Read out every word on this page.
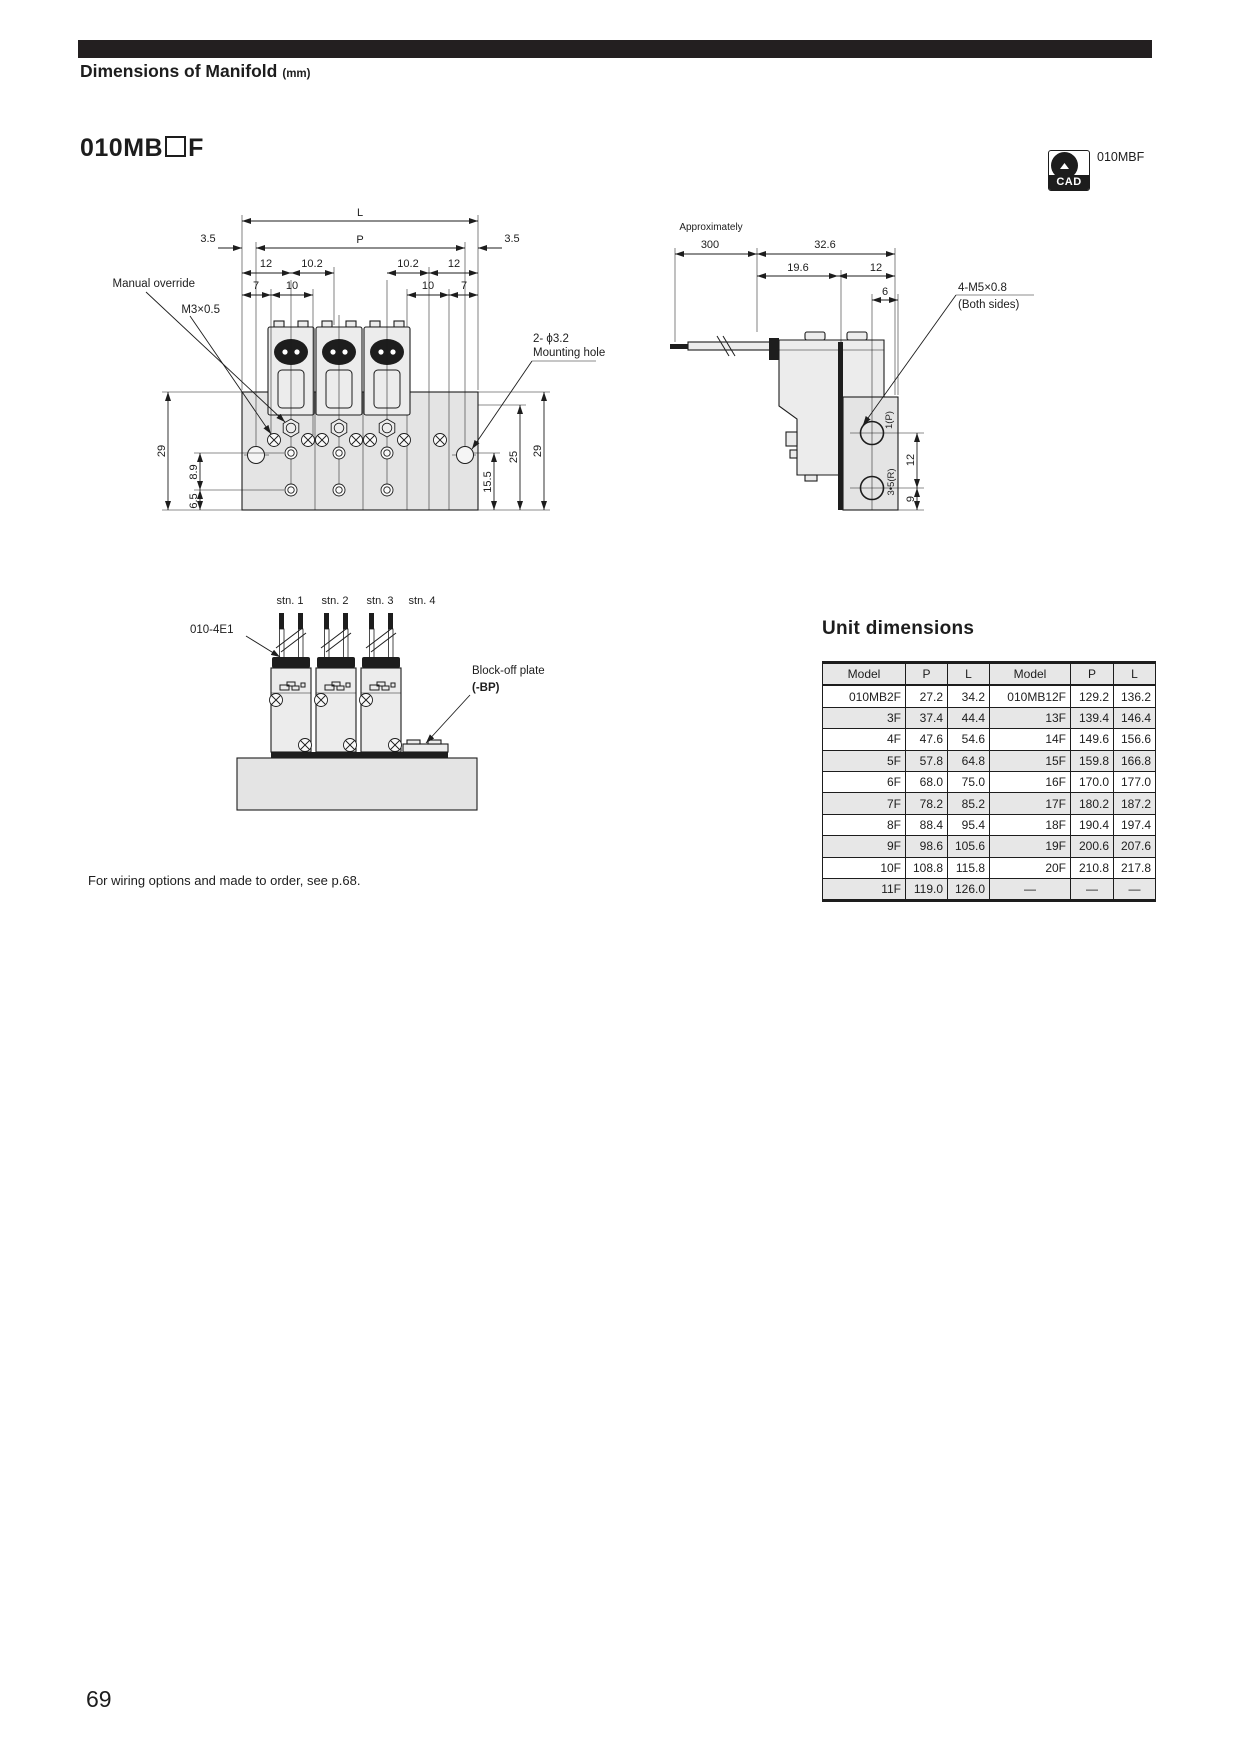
Dimensions of Manifold (mm)
010MB F
CAD
010MBF
L
3.5	P	3.5
12	10.2	10.2	12
7 10	10 7
Manual override
M3×0.5
2- ϕ3.2
Mounting hole
29
8.9
6.5
15.5
25 29
Approximately
300	32.6
19.6	12
6	4-M5×0.8
(Both sides)
1(P)
3•5(R)
12
9
stn. 1 stn. 2 stn. 3 stn. 4
010-4E1
Block-off plate
(-BP)
Unit dimensions
Model	P	L	Model	P	L
010MB2F	27.2	34.2	010MB12F	129.2	136.2
3F	37.4	44.4	13F	139.4	146.4
4F	47.6	54.6	14F	149.6	156.6
5F	57.8	64.8	15F	159.8	166.8
6F	68.0	75.0	16F	170.0	177.0
7F	78.2	85.2	17F	180.2	187.2
8F	88.4	95.4	18F	190.4	197.4
9F	98.6	105.6	19F	200.6	207.6
10F	108.8	115.8	20F	210.8	217.8
11F	119.0	126.0	—	—	—
For wiring options and made to order, see p.68.
69
